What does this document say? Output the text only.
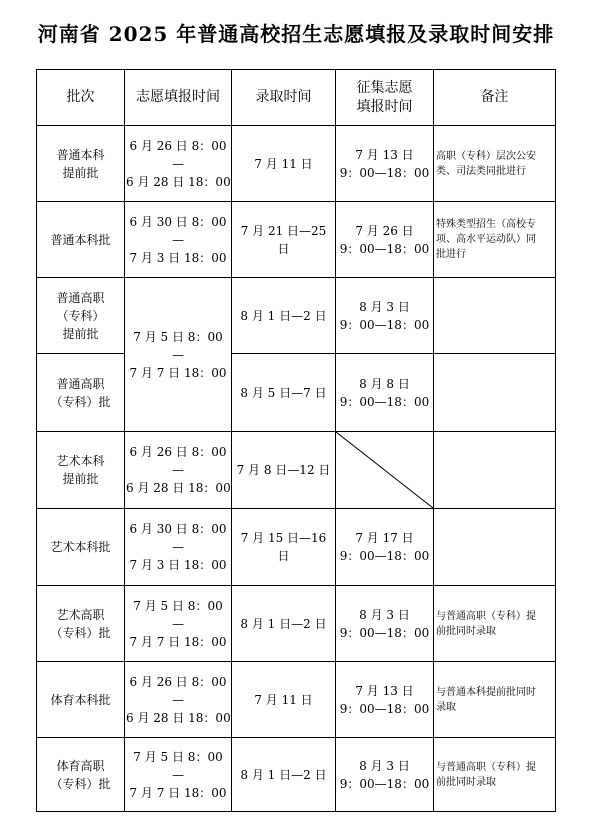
河南省 2025 年普通高校招生志愿填报及录取时间安排
批次	志愿填报时间	录取时间	征集志愿
填报时间	备注

普通本科
提前批	6 月 26 日 8：00
—
6 月 28 日 18：00	7 月 11 日	7 月 13 日
9：00—18：00	高职（专科）层次公安
类、司法类同批进行

普通本科批	6 月 30 日 8：00
—
7 月 3 日 18：00	7 月 21 日—25 日	7 月 26 日
9：00—18：00	特殊类型招生（高校专
项、高水平运动队）同
批进行

普通高职
（专科）
提前批	7 月 5 日 8：00
—
7 月 7 日 18：00	8 月 1 日—2 日	8 月 3 日
9：00—18：00	

普通高职
（专科）批		8 月 5 日—7 日	8 月 8 日
9：00—18：00	

艺术本科
提前批	6 月 26 日 8：00
—
6 月 28 日 18：00	7 月 8 日—12 日	

艺术本科批	6 月 30 日 8：00
—
7 月 3 日 18：00	7 月 15 日—16 日	7 月 17 日
9：00—18：00	

艺术高职
（专科）批	7 月 5 日 8：00
—
7 月 7 日 18：00	8 月 1 日—2 日	8 月 3 日
9：00—18：00	与普通高职（专科）提
前批同时录取

体育本科批	6 月 26 日 8：00
—
6 月 28 日 18：00	7 月 11 日	7 月 13 日
9：00—18：00	与普通本科提前批同时
录取

体育高职
（专科）批	7 月 5 日 8：00
—
7 月 7 日 18：00	8 月 1 日—2 日	8 月 3 日
9：00—18：00	与普通高职（专科）提
前批同时录取
